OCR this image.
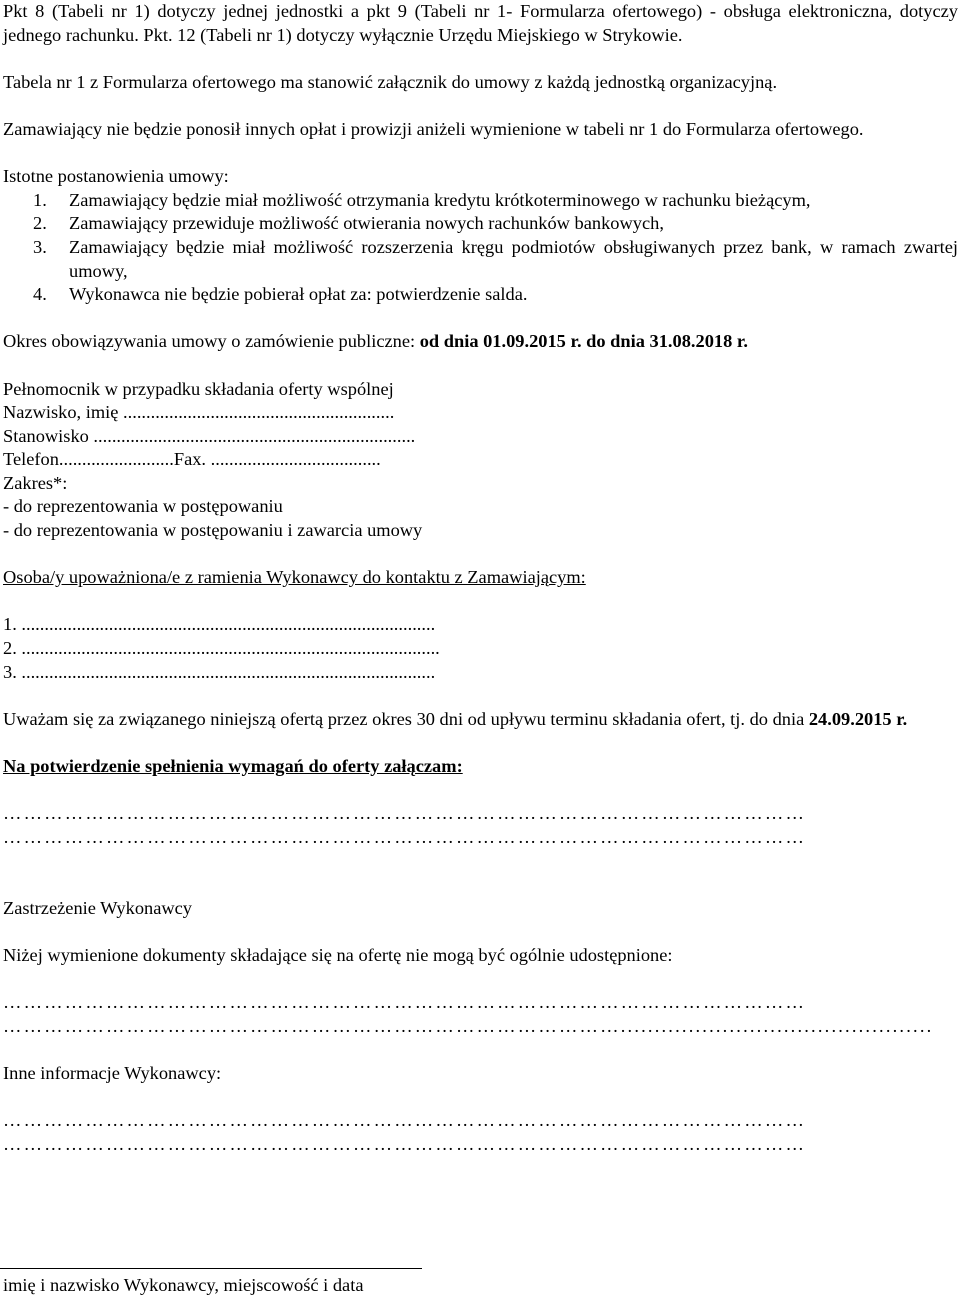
Pkt 8 (Tabeli nr 1) dotyczy jednej jednostki a pkt 9 (Tabeli nr 1- Formularza ofertowego) - obsługa elektroniczna, dotyczy jednego rachunku. Pkt. 12 (Tabeli nr 1) dotyczy wyłącznie Urzędu Miejskiego w Strykowie.

Tabela nr 1 z Formularza ofertowego ma stanowić załącznik do umowy z każdą jednostką organizacyjną.

Zamawiający nie będzie ponosił innych opłat i prowizji aniżeli wymienione w tabeli nr 1 do Formularza ofertowego.

Istotne postanowienia umowy:

1. Zamawiający będzie miał możliwość otrzymania kredytu krótkoterminowego w rachunku bieżącym,
2. Zamawiający przewiduje możliwość otwierania nowych rachunków bankowych,
3. Zamawiający będzie miał możliwość rozszerzenia kręgu podmiotów obsługiwanych przez bank, w ramach zwartej umowy,
4. Wykonawca nie będzie pobierał opłat za: potwierdzenie salda.

Okres obowiązywania umowy o zamówienie publiczne: od dnia 01.09.2015 r. do dnia 31.08.2018 r.

Pełnomocnik w przypadku składania oferty wspólnej

Nazwisko, imię ...........................................................

Stanowisko ......................................................................

Telefon.........................Fax. .....................................

Zakres*:

- do reprezentowania w postępowaniu

- do reprezentowania w postępowaniu i zawarcia umowy

Osoba/y upoważniona/e z ramienia Wykonawcy do kontaktu z Zamawiającym:

1. ..........................................................................................

2. ...........................................................................................

3. ..........................................................................................

Uważam się za związanego niniejszą ofertą przez okres 30 dni od upływu terminu składania ofert, tj. do dnia 24.09.2015 r.

Na potwierdzenie spełnienia wymagań do oferty załączam:

………………………………………………………………………………………………………

………………………………………………………………………………………………………

Zastrzeżenie Wykonawcy

Niżej wymienione dokumenty składające się na ofertę nie mogą być ogólnie udostępnione:

………………………………………………………………………………………………………

………………………………………………………………………………..............................................

Inne informacje Wykonawcy:

………………………………………………………………………………………………………

………………………………………………………………………………………………………

imię i nazwisko Wykonawcy, miejscowość i data
